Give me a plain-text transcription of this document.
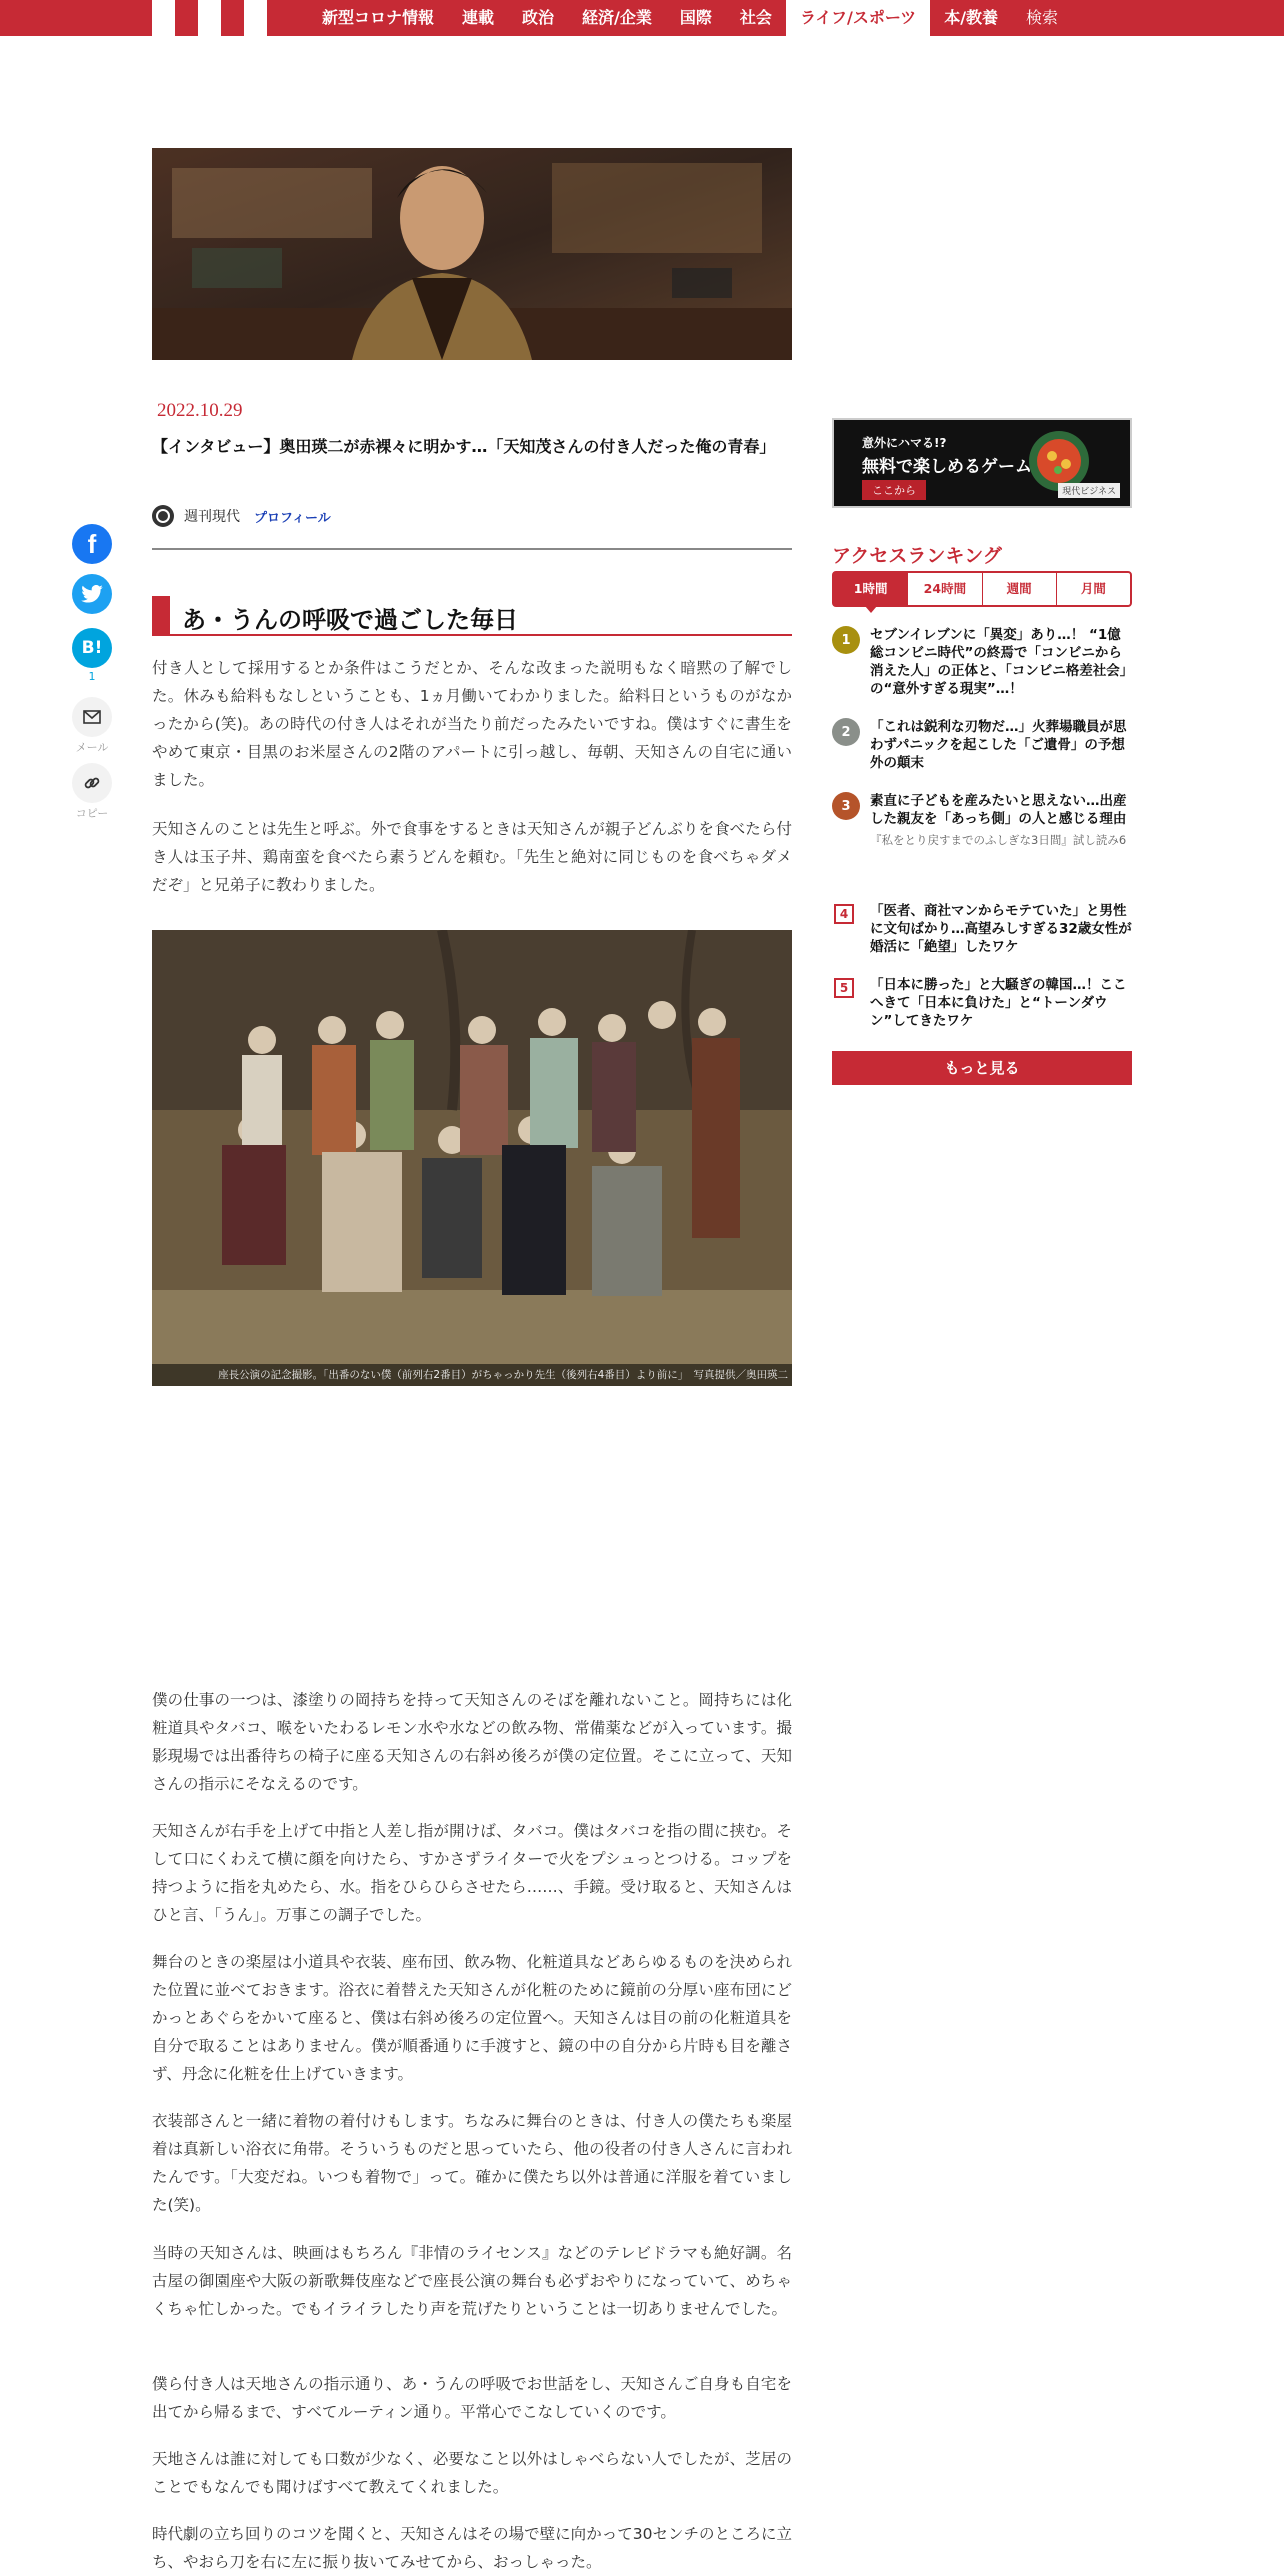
新型コロナ情報	連載	政治	経済/企業	国際	社会	ライフ/スポーツ	本/教養	検索
2022.10.29
【インタビュー】奥田瑛二が赤裸々に明かす…「天知茂さんの付き人だった俺の青春」
週刊現代 プロフィール
f
B!
1
メール
コピー
あ・うんの呼吸で過ごした毎日

付き人として採用するとか条件はこうだとか、そんな改まった説明もなく暗黙の了解でした。休みも給料もなしということも、1ヵ月働いてわかりました。給料日というものがなかったから(笑)。あの時代の付き人はそれが当たり前だったみたいですね。僕はすぐに書生をやめて東京・目黒のお米屋さんの2階のアパートに引っ越し、毎朝、天知さんの自宅に通いました。

天知さんのことは先生と呼ぶ。外で食事をするときは天知さんが親子どんぶりを食べたら付き人は玉子丼、鶏南蛮を食べたら素うどんを頼む。「先生と絶対に同じものを食べちゃダメだぞ」と兄弟子に教わりました。

座長公演の記念撮影。「出番のない僕（前列右2番目）がちゃっかり先生（後列右4番目）より前に」　写真提供／奥田瑛二

僕の仕事の一つは、漆塗りの岡持ちを持って天知さんのそばを離れないこと。岡持ちには化粧道具やタバコ、喉をいたわるレモン水や水などの飲み物、常備薬などが入っています。撮影現場では出番待ちの椅子に座る天知さんの右斜め後ろが僕の定位置。そこに立って、天知さんの指示にそなえるのです。

天知さんが右手を上げて中指と人差し指が開けば、タバコ。僕はタバコを指の間に挟む。そして口にくわえて横に顔を向けたら、すかさずライターで火をプシュっとつける。コップを持つように指を丸めたら、水。指をひらひらさせたら……、手鏡。受け取ると、天知さんはひと言、「うん」。万事この調子でした。

舞台のときの楽屋は小道具や衣装、座布団、飲み物、化粧道具などあらゆるものを決められた位置に並べておきます。浴衣に着替えた天知さんが化粧のために鏡前の分厚い座布団にどかっとあぐらをかいて座ると、僕は右斜め後ろの定位置へ。天知さんは目の前の化粧道具を自分で取ることはありません。僕が順番通りに手渡すと、鏡の中の自分から片時も目を離さず、丹念に化粧を仕上げていきます。

衣装部さんと一緒に着物の着付けもします。ちなみに舞台のときは、付き人の僕たちも楽屋着は真新しい浴衣に角帯。そういうものだと思っていたら、他の役者の付き人さんに言われたんです。「大変だね。いつも着物で」って。確かに僕たち以外は普通に洋服を着ていました(笑)。

当時の天知さんは、映画はもちろん『非情のライセンス』などのテレビドラマも絶好調。名古屋の御園座や大阪の新歌舞伎座などで座長公演の舞台も必ずおやりになっていて、めちゃくちゃ忙しかった。でもイライラしたり声を荒げたりということは一切ありませんでした。

僕ら付き人は天地さんの指示通り、あ・うんの呼吸でお世話をし、天知さんご自身も自宅を出てから帰るまで、すべてルーティン通り。平常心でこなしていくのです。

天地さんは誰に対しても口数が少なく、必要なこと以外はしゃべらない人でしたが、芝居のことでもなんでも聞けばすべて教えてくれました。

時代劇の立ち回りのコツを聞くと、天知さんはその場で壁に向かって30センチのところに立ち、やおら刀を右に左に振り抜いてみせてから、おっしゃった。

意外にハマる!?
無料で楽しめるゲーム
ここから	現代ビジネス
アクセスランキング
1時間	24時間	週間	月間
1	セブンイレブンに「異変」あり…！ “1億総コンビニ時代”の終焉で「コンビニから消えた人」の正体と、「コンビニ格差社会」の“意外すぎる現実”…！
2	「これは鋭利な刃物だ…」火葬場職員が思わずパニックを起こした「ご遺骨」の予想外の顛末
3	素直に子どもを産みたいと思えない…出産した親友を「あっち側」の人と感じる理由
『私をとり戻すまでのふしぎな3日間』試し読み6
4	「医者、商社マンからモテていた」と男性に文句ばかり…高望みしすぎる32歳女性が婚活に「絶望」したワケ
5	「日本に勝った」と大騒ぎの韓国…！ここへきて「日本に負けた」と“トーンダウン”してきたワケ
もっと見る
